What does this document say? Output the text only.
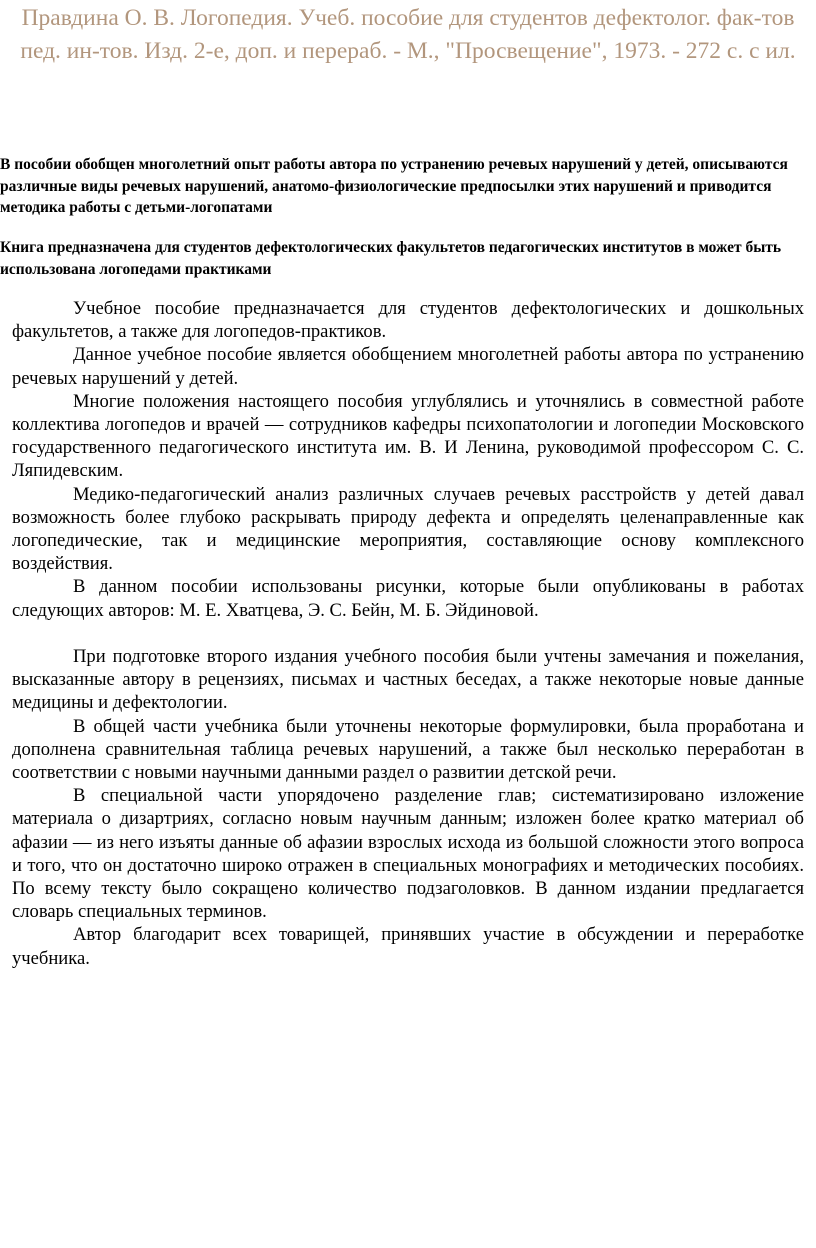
Правдина О. В. Логопедия. Учеб. пособие для студентов дефектолог. фак-тов пед. ин-тов. Изд. 2-е, доп. и перераб. - М., "Просвещение", 1973. - 272 с. с ил.

В пособии обобщен многолетний опыт работы автора по устранению речевых нарушений у детей, описываются различные виды речевых нарушений, анатомо-физиологические предпосылки этих нарушений и приводится методика работы с детьми-логопатами

Книга предназначена для студентов дефектологических факультетов педагогических институтов в может быть использована логопедами практиками

Учебное пособие предназначается для студентов дефектологических и дошкольных факультетов, а также для логопедов-практиков.

Данное учебное пособие является обобщением многолетней работы автора по устранению речевых нарушений у детей.

Многие положения настоящего пособия углублялись и уточнялись в совместной работе коллектива логопедов и врачей — сотрудников кафедры психопатологии и логопедии Московского государственного педагогического института им. В. И Ленина, руководимой профессором С. С. Ляпидевским.

Медико-педагогический анализ различных случаев речевых расстройств у детей давал возможность более глубоко раскрывать природу дефекта и определять целенаправленные как логопедические, так и медицинские мероприятия, составляющие основу комплексного воздействия.

В данном пособии использованы рисунки, которые были опубликованы в работах следующих авторов: М. Е. Хватцева, Э. С. Бейн, М. Б. Эйдиновой.

При подготовке второго издания учебного пособия были учтены замечания и пожелания, высказанные автору в рецензиях, письмах и частных беседах, а также некоторые новые данные медицины и дефектологии.

В общей части учебника были уточнены некоторые формулировки, была проработана и дополнена сравнительная таблица речевых нарушений, а также был несколько переработан в соответствии с новыми научными данными раздел о развитии детской речи.

В специальной части упорядочено разделение глав; систематизировано изложение материала о дизартриях, согласно новым научным данным; изложен более кратко материал об афазии — из него изъяты данные об афазии взрослых исхода из большой сложности этого вопроса и того, что он достаточно широко отражен в специальных монографиях и методических пособиях. По всему тексту было сокращено количество подзаголовков. В данном издании предлагается словарь специальных терминов.

Автор благодарит всех товарищей, принявших участие в обсуждении и переработке учебника.
